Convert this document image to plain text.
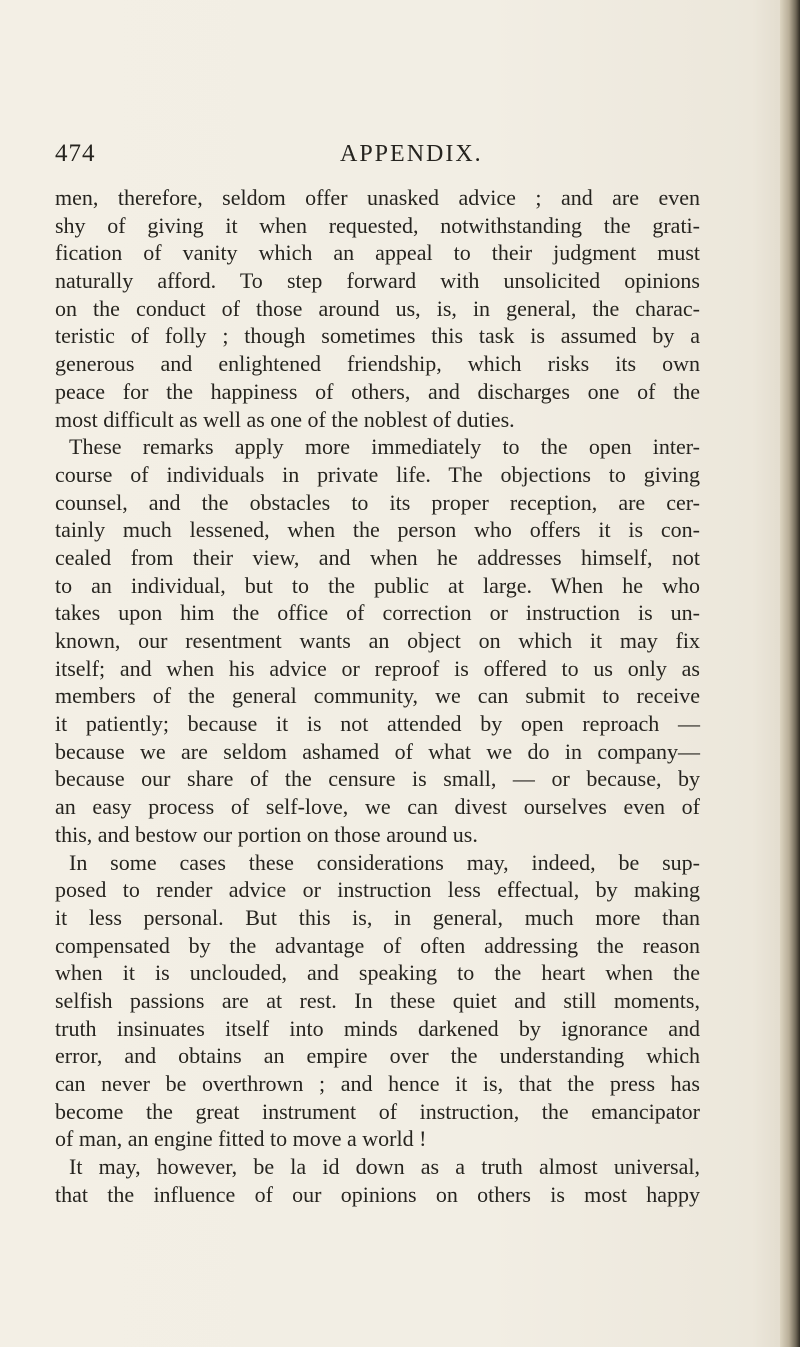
474	APPENDIX.
men, therefore, seldom offer unasked advice ; and are even
shy of giving it when requested, notwithstanding the grati-
fication of vanity which an appeal to their judgment must
naturally afford. To step forward with unsolicited opinions
on the conduct of those around us, is, in general, the charac-
teristic of folly ; though sometimes this task is assumed by a
generous and enlightened friendship, which risks its own
peace for the happiness of others, and discharges one of the
most difficult as well as one of the noblest of duties.
These remarks apply more immediately to the open inter-
course of individuals in private life. The objections to giving
counsel, and the obstacles to its proper reception, are cer-
tainly much lessened, when the person who offers it is con-
cealed from their view, and when he addresses himself, not
to an individual, but to the public at large. When he who
takes upon him the office of correction or instruction is un-
known, our resentment wants an object on which it may fix
itself; and when his advice or reproof is offered to us only as
members of the general community, we can submit to receive
it patiently; because it is not attended by open reproach —
because we are seldom ashamed of what we do in company—
because our share of the censure is small, — or because, by
an easy process of self-love, we can divest ourselves even of
this, and bestow our portion on those around us.
In some cases these considerations may, indeed, be sup-
posed to render advice or instruction less effectual, by making
it less personal. But this is, in general, much more than
compensated by the advantage of often addressing the reason
when it is unclouded, and speaking to the heart when the
selfish passions are at rest. In these quiet and still moments,
truth insinuates itself into minds darkened by ignorance and
error, and obtains an empire over the understanding which
can never be overthrown ; and hence it is, that the press has
become the great instrument of instruction, the emancipator
of man, an engine fitted to move a world !
It may, however, be la id down as a truth almost universal,
that the influence of our opinions on others is most happy
